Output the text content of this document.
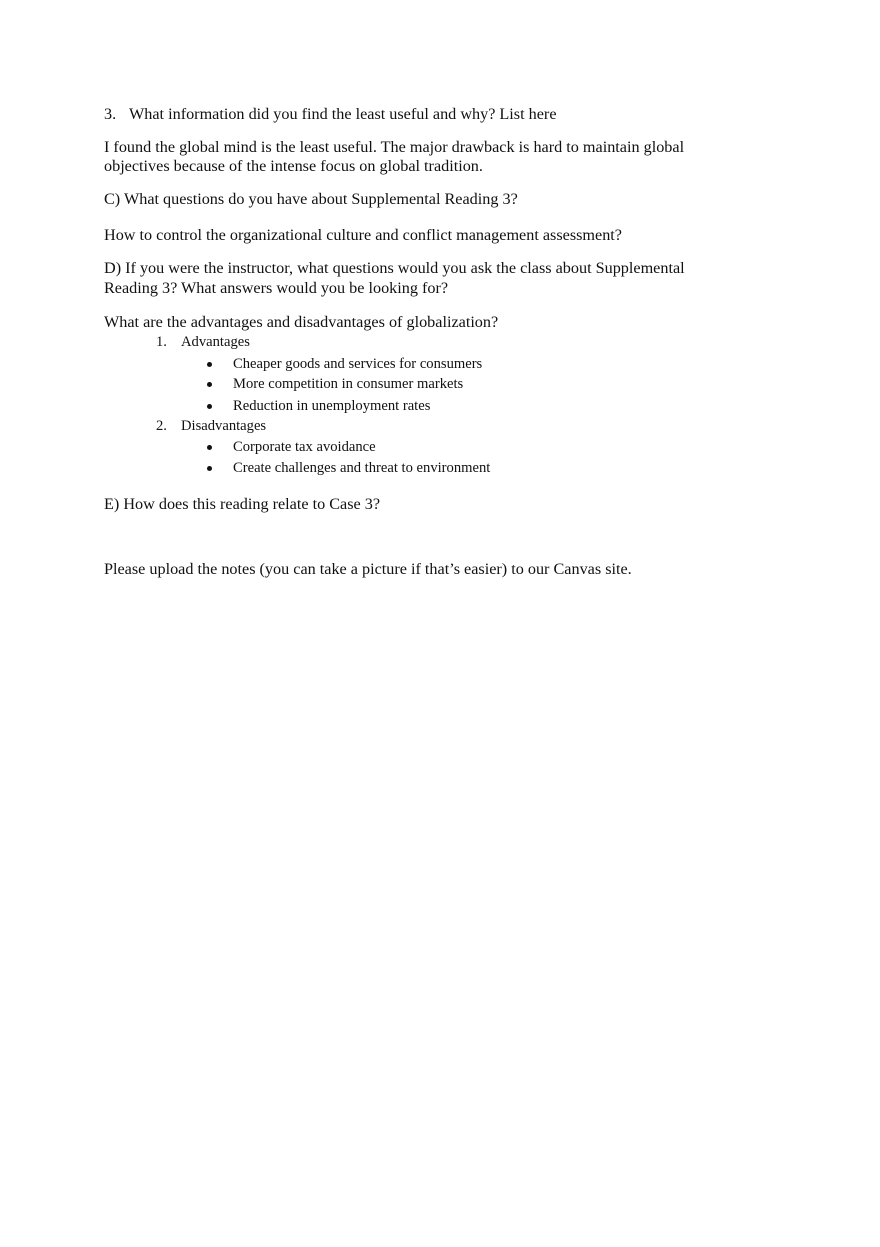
3. What information did you find the least useful and why? List here
I found the global mind is the least useful. The major drawback is hard to maintain global
objectives because of the intense focus on global tradition.
C) What questions do you have about Supplemental Reading 3?
How to control the organizational culture and conflict management assessment?
D) If you were the instructor, what questions would you ask the class about Supplemental
Reading 3? What answers would you be looking for?
What are the advantages and disadvantages of globalization?
1. Advantages
Cheaper goods and services for consumers
More competition in consumer markets
Reduction in unemployment rates
2. Disadvantages
Corporate tax avoidance
Create challenges and threat to environment
E) How does this reading relate to Case 3?
Please upload the notes (you can take a picture if that’s easier) to our Canvas site.
